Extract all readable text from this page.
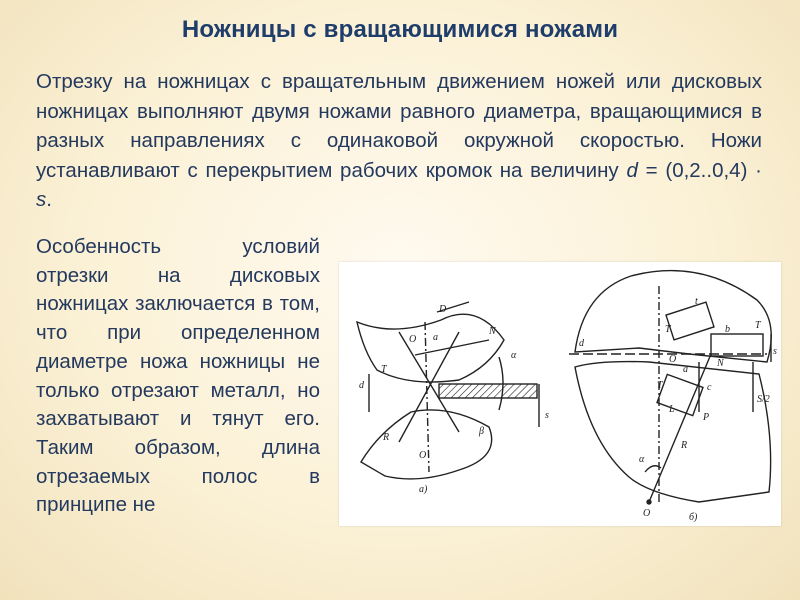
Ножницы с вращающимися ножами
Отрезку на ножницах с вращательным движением ножей или дисковых ножницах выполняют двумя ножами равного диаметра, вращающимися в разных направлениях с одинаковой окружной скоростью. Ножи устанавливают с перекрытием рабочих кромок на величину d = (0,2..0,4) · s.
Особенность условий отрезки на дисковых ножницах заключается в том, что при определенном диаметре ножа ножницы не только отрезают металл, но захватывают и тянут его. Таким образом, длина отрезаемых полос в принципе не
D
O a
α
N
T
d
s
β
R
O
а)
d
t
T	b	T
s
O	N
a
T
L
c
P
S/2
α
R
O	б)
